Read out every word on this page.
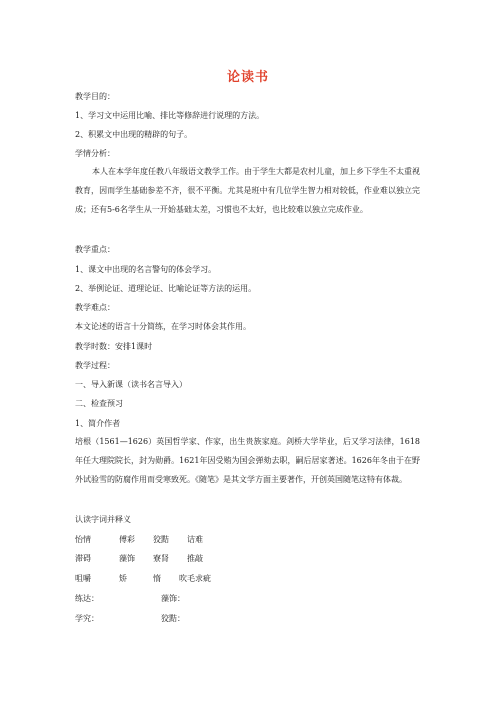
论读书
教学目的：
1、学习文中运用比喻、排比等修辞进行说理的方法。
2、积累文中出现的精辟的句子。
学情分析：
本人在本学年度任教八年级语文教学工作。由于学生大都是农村儿童，加上乡下学生不太重视教育，因而学生基础参差不齐，很不平衡。尤其是班中有几位学生智力相对较低，作业难以独立完成；还有5-6名学生从一开始基础太差，习惯也不太好，也比较难以独立完成作业。
教学重点：
1、课文中出现的名言警句的体会学习。
2、举例论证、道理论证、比喻论证等方法的运用。
教学难点：
本文论述的语言十分简练，在学习时体会其作用。
教学时数：安排1课时
教学过程：
一、导入新课（读书名言导入）
二、检查预习
1、简介作者
培根（1561—1626）英国哲学家、作家，出生贵族家庭。剑桥大学毕业，后又学习法律，1618年任大理院院长，封为勋爵。1621年因受贿为国会弹劾去职，嗣后居家著述。1626年冬由于在野外试验雪的防腐作用而受寒致死。《随笔》是其文学方面主要著作，开创英国随笔这特有体裁。
认读字词并释义
怡情	傅彩 狡黠 诘难
滞碍	藻饰 寮肾 推敲
咀嚼	矫	惰 吹毛求疵
练达：	藻饰：
学究：	狡黠：
